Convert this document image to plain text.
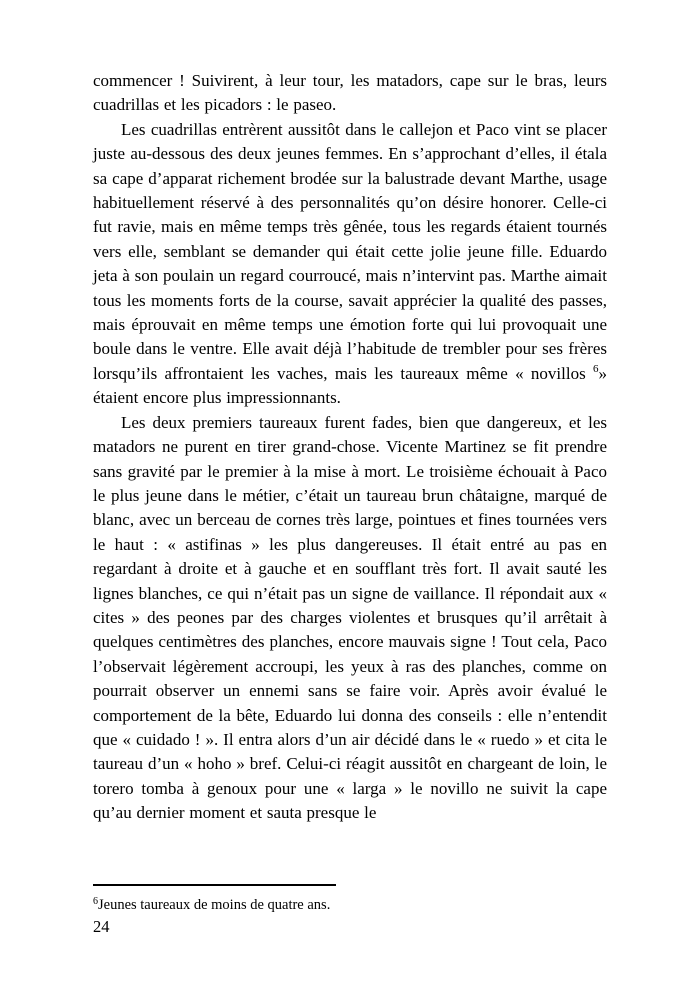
commencer ! Suivirent, à leur tour, les matadors, cape sur le bras, leurs cuadrillas et les picadors : le paseo.

Les cuadrillas entrèrent aussitôt dans le callejon et Paco vint se placer juste au-dessous des deux jeunes femmes. En s’approchant d’elles, il étala sa cape d’apparat richement brodée sur la balustrade devant Marthe, usage habituellement réservé à des personnalités qu’on désire honorer. Celle-ci fut ravie, mais en même temps très gênée, tous les regards étaient tournés vers elle, semblant se demander qui était cette jolie jeune fille. Eduardo jeta à son poulain un regard courroucé, mais n’intervint pas. Marthe aimait tous les moments forts de la course, savait apprécier la qualité des passes, mais éprouvait en même temps une émotion forte qui lui provoquait une boule dans le ventre. Elle avait déjà l’habitude de trembler pour ses frères lorsqu’ils affrontaient les vaches, mais les taureaux même « novillos $^6$» étaient encore plus impressionnants.

Les deux premiers taureaux furent fades, bien que dangereux, et les matadors ne purent en tirer grand-chose. Vicente Martinez se fit prendre sans gravité par le premier à la mise à mort. Le troisième échouait à Paco le plus jeune dans le métier, c’était un taureau brun châtaigne, marqué de blanc, avec un berceau de cornes très large, pointues et fines tournées vers le haut : « astifinas » les plus dangereuses. Il était entré au pas en regardant à droite et à gauche et en soufflant très fort. Il avait sauté les lignes blanches, ce qui n’était pas un signe de vaillance. Il répondait aux « cites » des peones par des charges violentes et brusques qu’il arrêtait à quelques centimètres des planches, encore mauvais signe ! Tout cela, Paco l’observait légèrement accroupi, les yeux à ras des planches, comme on pourrait observer un ennemi sans se faire voir. Après avoir évalué le comportement de la bête, Eduardo lui donna des conseils : elle n’entendit que « cuidado ! ». Il entra alors d’un air décidé dans le « ruedo » et cita le taureau d’un « hoho » bref. Celui-ci réagit aussitôt en chargeant de loin, le torero tomba à genoux pour une « larga » le novillo ne suivit la cape qu’au dernier moment et sauta presque le

$^6$Jeunes taureaux de moins de quatre ans.
24
